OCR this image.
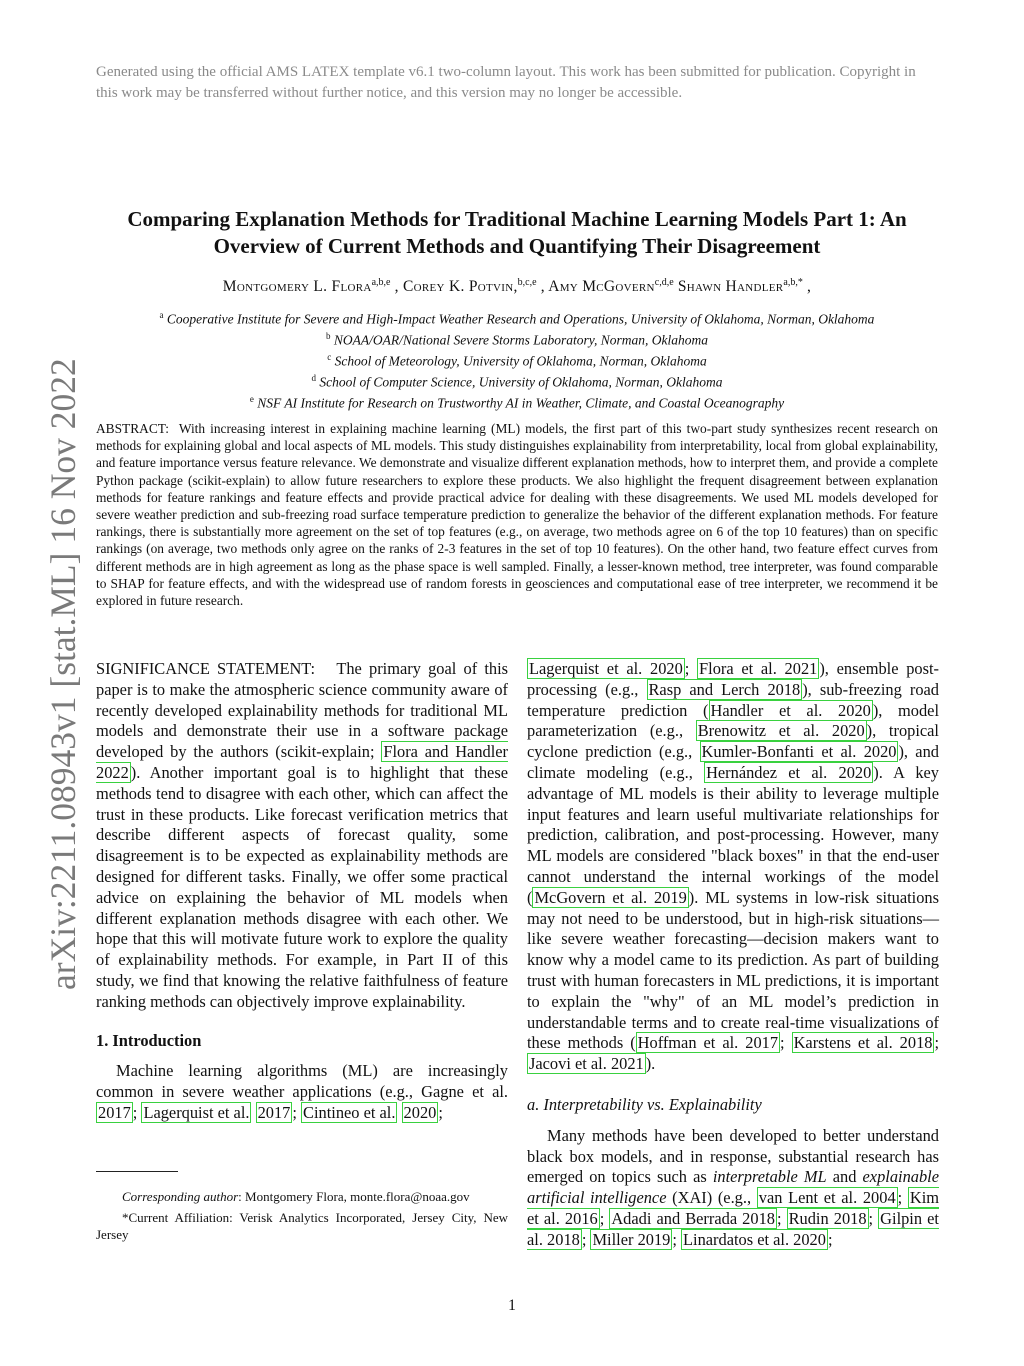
Generated using the official AMS LATEX template v6.1 two-column layout. This work has been submitted for publication. Copyright in this work may be transferred without further notice, and this version may no longer be accessible.
arXiv:2211.08943v1 [stat.ML] 16 Nov 2022
Comparing Explanation Methods for Traditional Machine Learning Models Part 1: An
Overview of Current Methods and Quantifying Their Disagreement
Montgomery L. Flora$^{a,b,e}$ , Corey K. Potvin,$^{b,c,e}$ , Amy McGovern$^{c,d,e}$ Shawn Handler$^{a,b,*}$ ,
$^a$ Cooperative Institute for Severe and High-Impact Weather Research and Operations, University of Oklahoma, Norman, Oklahoma
$^b$ NOAA/OAR/National Severe Storms Laboratory, Norman, Oklahoma
$^c$ School of Meteorology, University of Oklahoma, Norman, Oklahoma
$^d$ School of Computer Science, University of Oklahoma, Norman, Oklahoma
$^e$ NSF AI Institute for Research on Trustworthy AI in Weather, Climate, and Coastal Oceanography
ABSTRACT: With increasing interest in explaining machine learning (ML) models, the first part of this two-part study synthesizes recent research on methods for explaining global and local aspects of ML models. This study distinguishes explainability from interpretability, local from global explainability, and feature importance versus feature relevance. We demonstrate and visualize different explanation methods, how to interpret them, and provide a complete Python package (scikit-explain) to allow future researchers to explore these products. We also highlight the frequent disagreement between explanation methods for feature rankings and feature effects and provide practical advice for dealing with these disagreements. We used ML models developed for severe weather prediction and sub-freezing road surface temperature prediction to generalize the behavior of the different explanation methods. For feature rankings, there is substantially more agreement on the set of top features (e.g., on average, two methods agree on 6 of the top 10 features) than on specific rankings (on average, two methods only agree on the ranks of 2-3 features in the set of top 10 features). On the other hand, two feature effect curves from different methods are in high agreement as long as the phase space is well sampled. Finally, a lesser-known method, tree interpreter, was found comparable to SHAP for feature effects, and with the widespread use of random forests in geosciences and computational ease of tree interpreter, we recommend it be explored in future research.

SIGNIFICANCE STATEMENT: The primary goal of this paper is to make the atmospheric science community aware of recently developed explainability methods for traditional ML models and demonstrate their use in a software package developed by the authors (scikit-explain; Flora and Handler 2022 ). Another important goal is to highlight that these methods tend to disagree with each other, which can affect the trust in these products. Like forecast verification metrics that describe different aspects of forecast quality, some disagreement is to be expected as explainability methods are designed for different tasks. Finally, we offer some practical advice on explaining the behavior of ML models when different explanation methods disagree with each other. We hope that this will motivate future work to explore the quality of explainability methods. For example, in Part II of this study, we find that knowing the relative faithfulness of feature ranking methods can objectively improve explainability.

1. Introduction

Machine learning algorithms (ML) are increasingly common in severe weather applications (e.g., Gagne et al. 2017 ; Lagerquist et al. 2017 ; Cintineo et al. 2020 ;

Corresponding author: Montgomery Flora, monte.flora@noaa.gov

*Current Affiliation: Verisk Analytics Incorporated, Jersey City, New Jersey

Lagerquist et al. 2020 ; Flora et al. 2021 ), ensemble post-processing (e.g., Rasp and Lerch 2018 ), sub-freezing road temperature prediction ( Handler et al. 2020 ), model parameterization (e.g., Brenowitz et al. 2020 ), tropical cyclone prediction (e.g., Kumler-Bonfanti et al. 2020 ), and climate modeling (e.g., Hernández et al. 2020 ). A key advantage of ML models is their ability to leverage multiple input features and learn useful multivariate relationships for prediction, calibration, and post-processing. However, many ML models are considered "black boxes" in that the end-user cannot understand the internal workings of the model ( McGovern et al. 2019 ). ML systems in low-risk situations may not need to be understood, but in high-risk situations—like severe weather forecasting—decision makers want to know why a model came to its prediction. As part of building trust with human forecasters in ML predictions, it is important to explain the "why" of an ML model’s prediction in understandable terms and to create real-time visualizations of these methods ( Hoffman et al. 2017 ; Karstens et al. 2018 ; Jacovi et al. 2021 ).

a. Interpretability vs. Explainability

Many methods have been developed to better understand black box models, and in response, substantial research has emerged on topics such as interpretable ML and explainable artificial intelligence (XAI) (e.g., van Lent et al. 2004 ; Kim et al. 2016 ; Adadi and Berrada 2018 ; Rudin 2018 ; Gilpin et al. 2018 ; Miller 2019 ; Linardatos et al. 2020 ;

1
